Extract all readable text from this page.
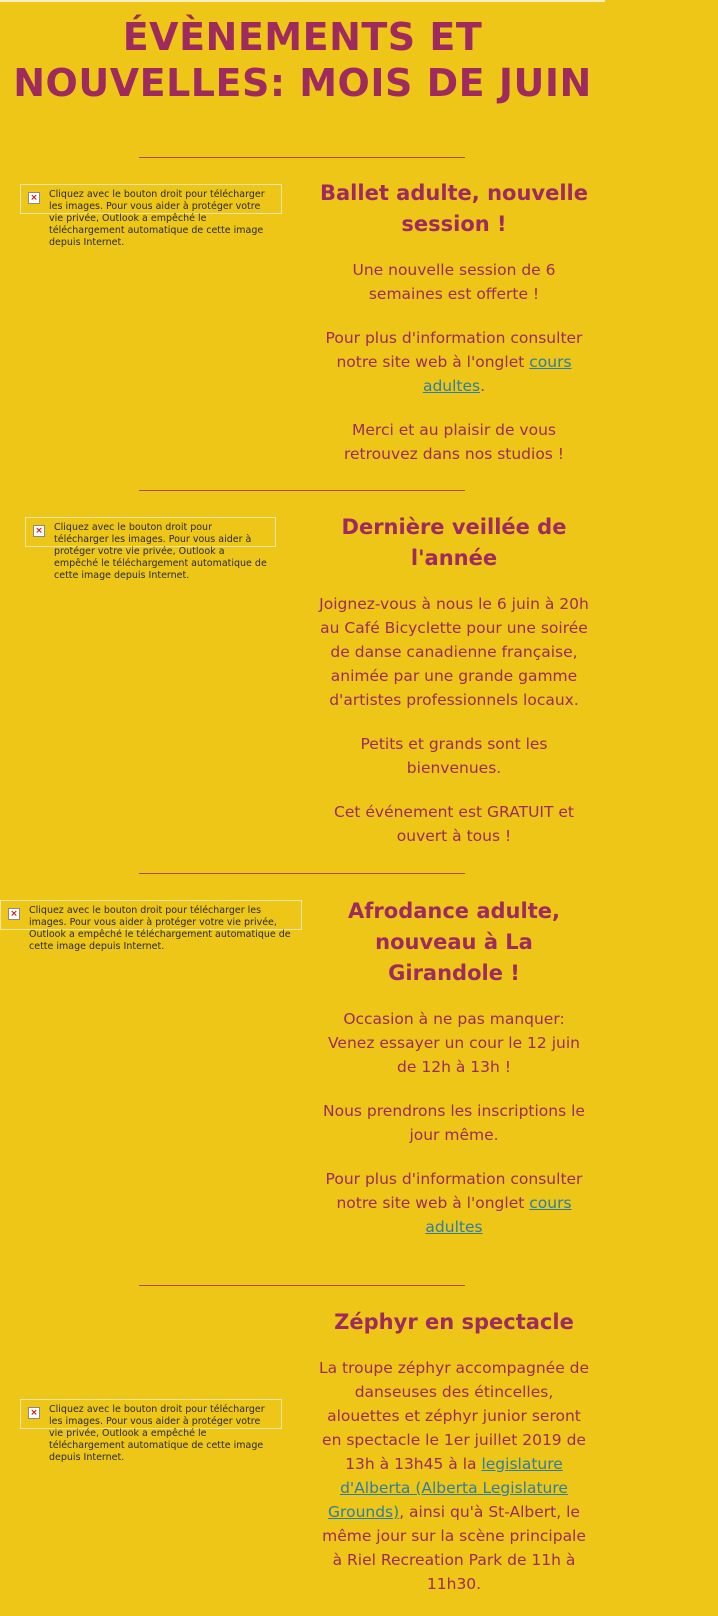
ÉVÈNEMENTS ET NOUVELLES: MOIS DE JUIN
× Cliquez avec le bouton droit pour télécharger les images. Pour vous aider à protéger votre vie privée, Outlook a empêché le téléchargement automatique de cette image depuis Internet.
Ballet adulte, nouvelle session !

Une nouvelle session de 6 semaines est offerte !

Pour plus d'information consulter notre site web à l'onglet cours adultes.

Merci et au plaisir de vous retrouvez dans nos studios !

× Cliquez avec le bouton droit pour télécharger les images. Pour vous aider à protéger votre vie privée, Outlook a empêché le téléchargement automatique de cette image depuis Internet.
Dernière veillée de l'année

Joignez-vous à nous le 6 juin à 20h au Café Bicyclette pour une soirée de danse canadienne française, animée par une grande gamme d'artistes professionnels locaux.

Petits et grands sont les bienvenues.

Cet événement est GRATUIT et ouvert à tous !

× Cliquez avec le bouton droit pour télécharger les images. Pour vous aider à protéger votre vie privée, Outlook a empêché le téléchargement automatique de cette image depuis Internet.
Afrodance adulte, nouveau à La Girandole !

Occasion à ne pas manquer: Venez essayer un cour le 12 juin de 12h à 13h !

Nous prendrons les inscriptions le jour même.

Pour plus d'information consulter notre site web à l'onglet cours adultes

× Cliquez avec le bouton droit pour télécharger les images. Pour vous aider à protéger votre vie privée, Outlook a empêché le téléchargement automatique de cette image depuis Internet.
Zéphyr en spectacle

La troupe zéphyr accompagnée de danseuses des étincelles, alouettes et zéphyr junior seront en spectacle le 1er juillet 2019 de 13h à 13h45 à la legislature d'Alberta (Alberta Legislature Grounds), ainsi qu'à St-Albert, le même jour sur la scène principale à Riel Recreation Park de 11h à 11h30.
